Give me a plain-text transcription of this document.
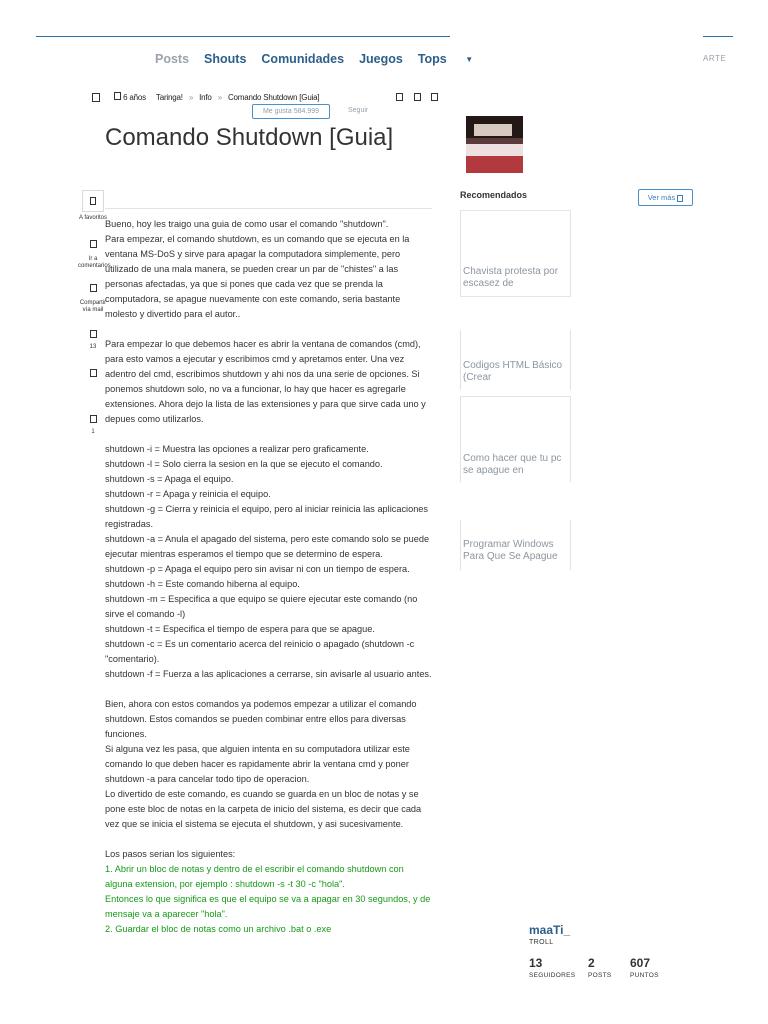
Posts Shouts Comunidades Juegos Tops ▼	ARTE
6 años Taringa! » Info » Comando Shutdown [Guia]
Me gusta 584.999	Seguir
Comando Shutdown [Guia]
A favoritos
Ir a comentarios
Compartir vía mail
13
1

Bueno, hoy les traigo una guia de como usar el comando "shutdown".

Para empezar, el comando shutdown, es un comando que se ejecuta en la ventana MS-DoS y sirve para apagar la computadora simplemente, pero utilizado de una mala manera, se pueden crear un par de "chistes" a las personas afectadas, ya que si pones que cada vez que se prenda la computadora, se apague nuevamente con este comando, seria bastante molesto y divertido para el autor..

Para empezar lo que debemos hacer es abrir la ventana de comandos (cmd), para esto vamos a ejecutar y escribimos cmd y apretamos enter. Una vez adentro del cmd, escribimos shutdown y ahi nos da una serie de opciones. Si ponemos shutdown solo, no va a funcionar, lo hay que hacer es agregarle extensiones. Ahora dejo la lista de las extensiones y para que sirve cada uno y depues como utilizarlos.

shutdown -i = Muestra las opciones a realizar pero graficamente.

shutdown -l = Solo cierra la sesion en la que se ejecuto el comando.

shutdown -s = Apaga el equipo.

shutdown -r = Apaga y reinicia el equipo.

shutdown -g = Cierra y reinicia el equipo, pero al iniciar reinicia las aplicaciones registradas.

shutdown -a = Anula el apagado del sistema, pero este comando solo se puede ejecutar mientras esperamos el tiempo que se determino de espera.

shutdown -p = Apaga el equipo pero sin avisar ni con un tiempo de espera.

shutdown -h = Este comando hiberna al equipo.

shutdown -m = Especifica a que equipo se quiere ejecutar este comando (no sirve el comando -l)

shutdown -t = Especifica el tiempo de espera para que se apague.

shutdown -c = Es un comentario acerca del reinicio o apagado (shutdown -c "comentario).

shutdown -f = Fuerza a las aplicaciones a cerrarse, sin avisarle al usuario antes.

Bien, ahora con estos comandos ya podemos empezar a utilizar el comando shutdown. Estos comandos se pueden combinar entre ellos para diversas funciones.

Si alguna vez les pasa, que alguien intenta en su computadora utilizar este comando lo que deben hacer es rapidamente abrir la ventana cmd y poner shutdown -a para cancelar todo tipo de operacion.

Lo divertido de este comando, es cuando se guarda en un bloc de notas y se pone este bloc de notas en la carpeta de inicio del sistema, es decir que cada vez que se inicia el sistema se ejecuta el shutdown, y asi sucesivamente.

Los pasos serian los siguientes:

1. Abrir un bloc de notas y dentro de el escribir el comando shutdown con alguna extension, por ejemplo : shutdown -s -t 30 -c "hola".

Entonces lo que significa es que el equipo se va a apagar en 30 segundos, y de mensaje va a aparecer "hola".

2. Guardar el bloc de notas como un archivo .bat o .exe

Recomendados	Ver más
Chavista protesta por escasez de
Codigos HTML Básico (Crear
Como hacer que tu pc se apague en
Programar Windows Para Que Se Apague
maaTi_
TROLL
13	2	607
SEGUIDORES POSTS	PUNTOS
